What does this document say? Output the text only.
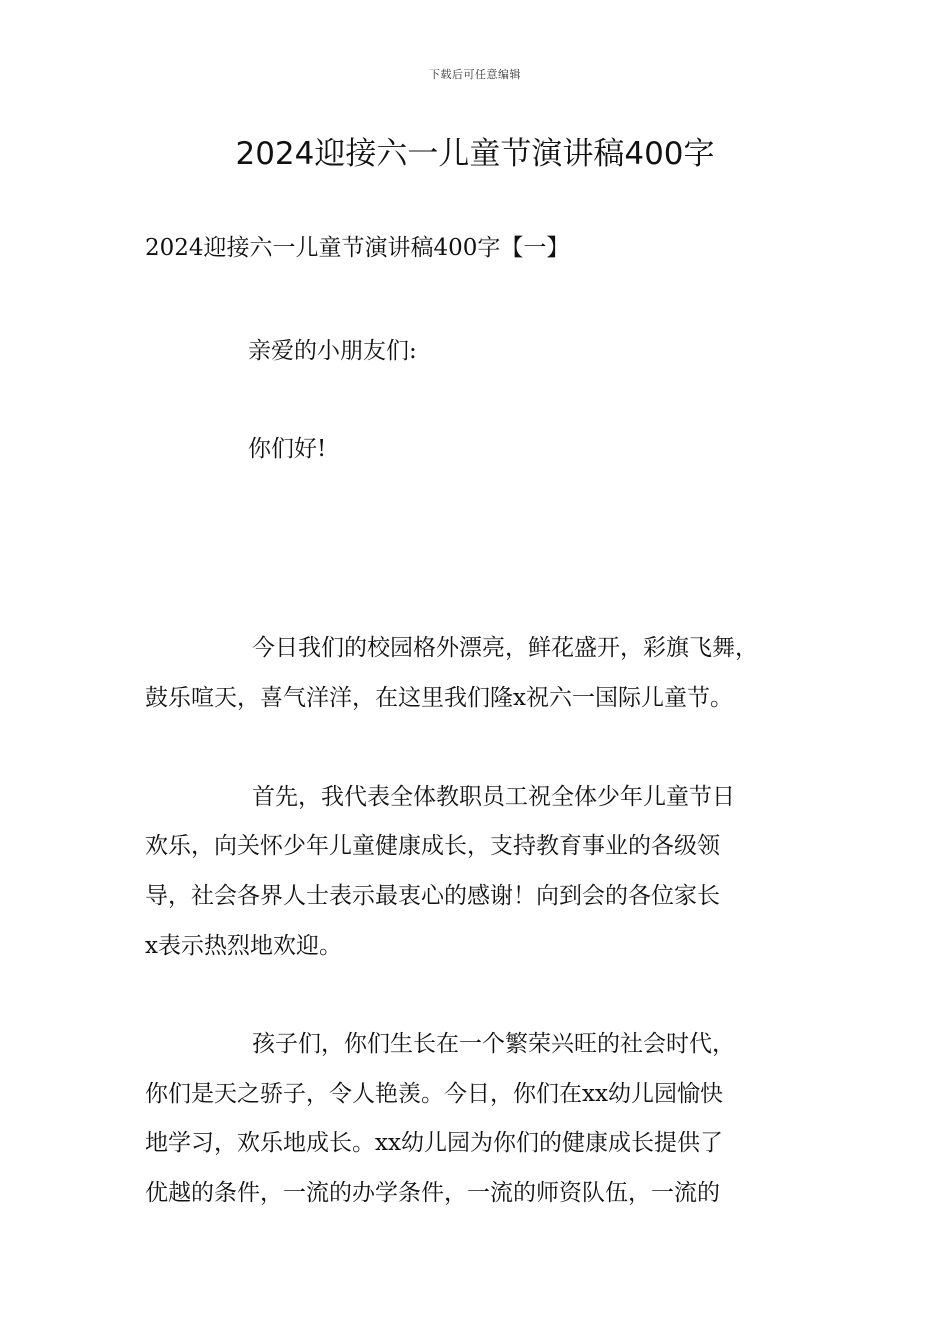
下载后可任意编辑
2024迎接六一儿童节演讲稿400字

2024迎接六一儿童节演讲稿400字【一】

亲爱的小朋友们:

你们好!

今日我们的校园格外漂亮，鲜花盛开，彩旗飞舞，

鼓乐喧天，喜气洋洋，在这里我们隆x祝六一国际儿童节。

首先，我代表全体教职员工祝全体少年儿童节日

欢乐，向关怀少年儿童健康成长，支持教育事业的各级领

导，社会各界人士表示最衷心的感谢！向到会的各位家长

x表示热烈地欢迎。

孩子们，你们生长在一个繁荣兴旺的社会时代，

你们是天之骄子，令人艳羡。今日，你们在xx幼儿园愉快

地学习，欢乐地成长。xx幼儿园为你们的健康成长提供了

优越的条件，一流的办学条件，一流的师资队伍，一流的
